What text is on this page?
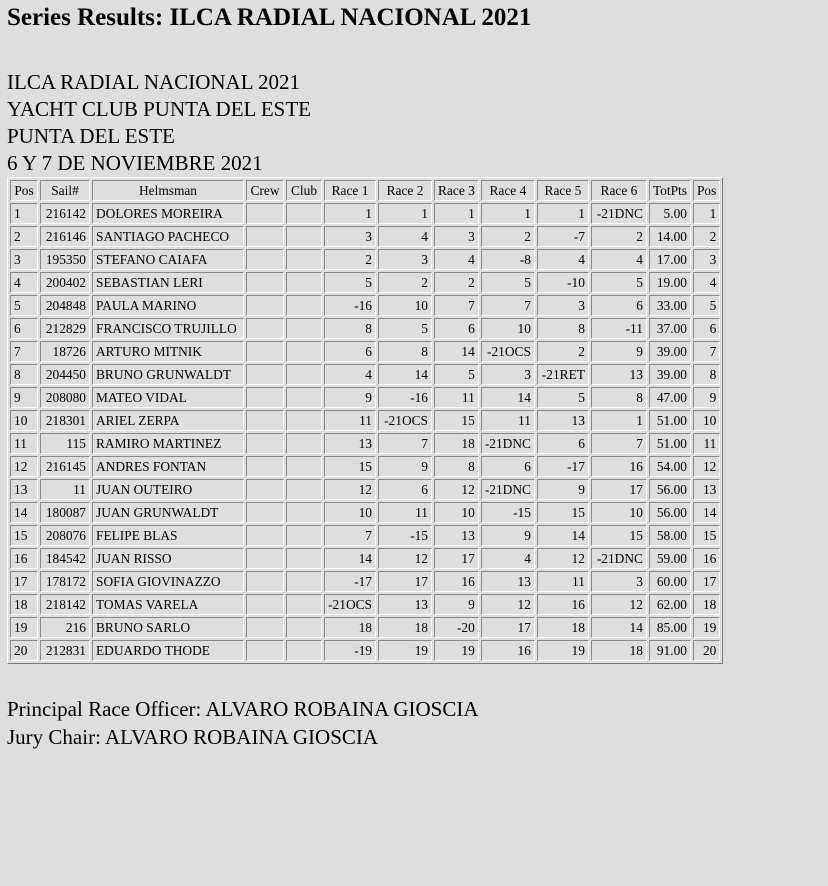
Series Results: ILCA RADIAL NACIONAL 2021
ILCA RADIAL NACIONAL 2021
YACHT CLUB PUNTA DEL ESTE
PUNTA DEL ESTE
6 Y 7 DE NOVIEMBRE 2021
Pos	Sail#	Helmsman	Crew	Club	Race 1	Race 2	Race 3	Race 4	Race 5	Race 6	TotPts	Pos
1	216142	DOLORES MOREIRA			1	1	1	1	1	-21DNC	5.00	1
2	216146	SANTIAGO PACHECO			3	4	3	2	-7	2	14.00	2
3	195350	STEFANO CAIAFA			2	3	4	-8	4	4	17.00	3
4	200402	SEBASTIAN LERI			5	2	2	5	-10	5	19.00	4
5	204848	PAULA MARINO			-16	10	7	7	3	6	33.00	5
6	212829	FRANCISCO TRUJILLO			8	5	6	10	8	-11	37.00	6
7	18726	ARTURO MITNIK			6	8	14	-21OCS	2	9	39.00	7
8	204450	BRUNO GRUNWALDT			4	14	5	3	-21RET	13	39.00	8
9	208080	MATEO VIDAL			9	-16	11	14	5	8	47.00	9
10	218301	ARIEL ZERPA			11	-21OCS	15	11	13	1	51.00	10
11	115	RAMIRO MARTINEZ			13	7	18	-21DNC	6	7	51.00	11
12	216145	ANDRES FONTAN			15	9	8	6	-17	16	54.00	12
13	11	JUAN OUTEIRO			12	6	12	-21DNC	9	17	56.00	13
14	180087	JUAN GRUNWALDT			10	11	10	-15	15	10	56.00	14
15	208076	FELIPE BLAS			7	-15	13	9	14	15	58.00	15
16	184542	JUAN RISSO			14	12	17	4	12	-21DNC	59.00	16
17	178172	SOFIA GIOVINAZZO			-17	17	16	13	11	3	60.00	17
18	218142	TOMAS VARELA			-21OCS	13	9	12	16	12	62.00	18
19	216	BRUNO SARLO			18	18	-20	17	18	14	85.00	19
20	212831	EDUARDO THODE			-19	19	19	16	19	18	91.00	20
Principal Race Officer: ALVARO ROBAINA GIOSCIA
Jury Chair: ALVARO ROBAINA GIOSCIA
